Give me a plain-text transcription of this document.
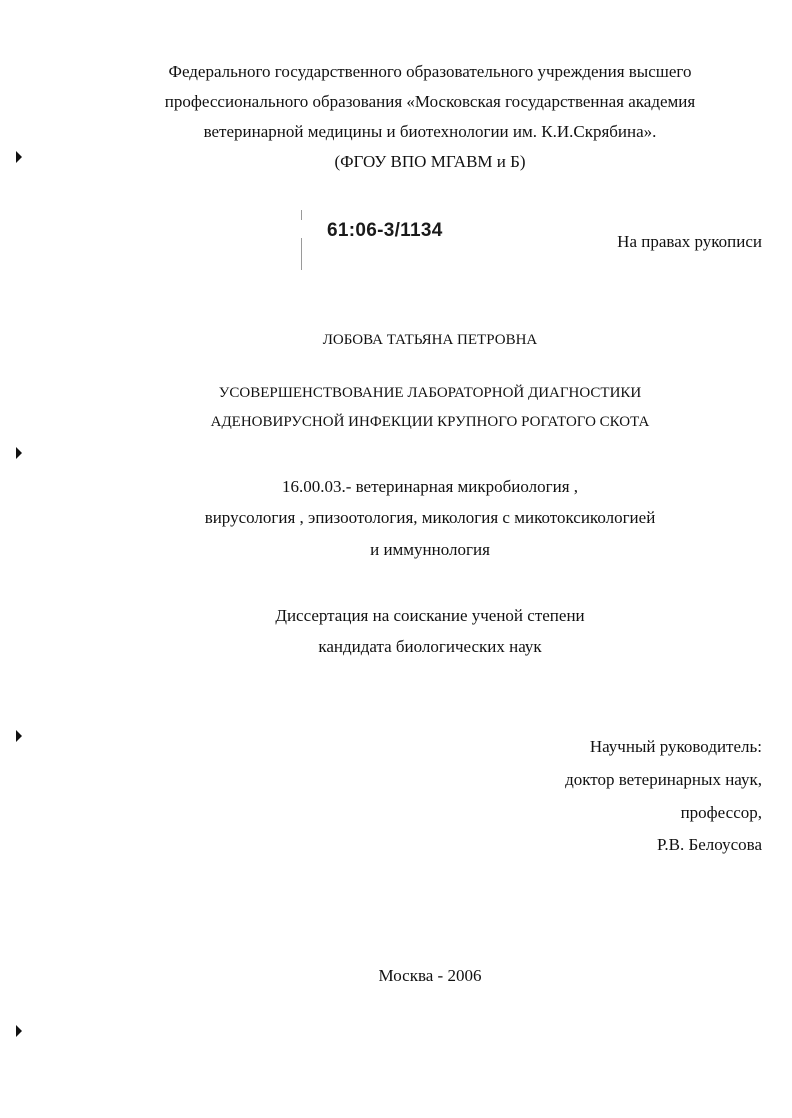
Федерального государственного образовательного учреждения высшего
профессионального образования «Московская государственная академия
ветеринарной медицины и биотехнологии им. К.И.Скрябина».
(ФГОУ ВПО МГАВМ и Б)
61:06-3/1134
На правах рукописи
ЛОБОВА ТАТЬЯНА ПЕТРОВНА
УСОВЕРШЕНСТВОВАНИЕ ЛАБОРАТОРНОЙ ДИАГНОСТИКИ
АДЕНОВИРУСНОЙ ИНФЕКЦИИ КРУПНОГО РОГАТОГО СКОТА
16.00.03.- ветеринарная микробиология ,
вирусология , эпизоотология, микология с микотоксикологией
и иммуннология
Диссертация на соискание ученой степени
кандидата биологических наук
Научный руководитель:
доктор ветеринарных наук,
профессор,
Р.В. Белоусова
Москва - 2006
